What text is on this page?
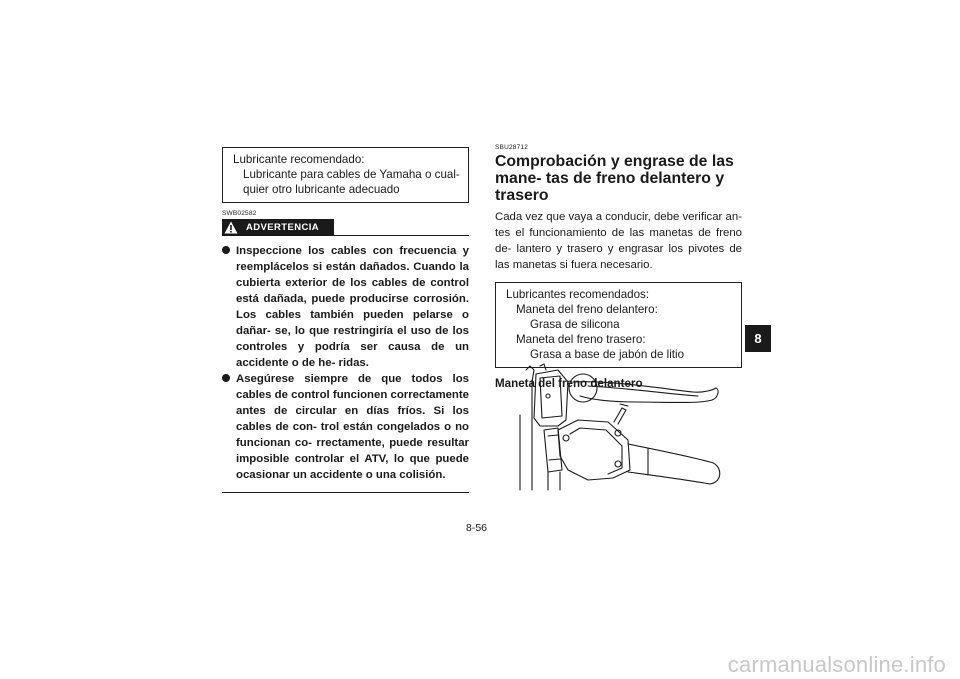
Lubricante recomendado:
Lubricante para cables de Yamaha o cual-
quier otro lubricante adecuado
SWB02582
ADVERTENCIA
Inspeccione los cables con frecuencia y reemplácelos si están dañados. Cuando la cubierta exterior de los cables de control está dañada, puede producirse corrosión. Los cables también pueden pelarse o dañar- se, lo que restringiría el uso de los controles y podría ser causa de un accidente o de he- ridas.
Asegúrese siempre de que todos los cables de control funcionen correctamente antes de circular en días fríos. Si los cables de con- trol están congelados o no funcionan co- rrectamente, puede resultar imposible controlar el ATV, lo que puede ocasionar un accidente o una colisión.
SBU28712
Comprobación y engrase de las mane- tas de freno delantero y trasero
Cada vez que vaya a conducir, debe verificar an- tes el funcionamiento de las manetas de freno de- lantero y trasero y engrasar los pivotes de las manetas si fuera necesario.
Lubricantes recomendados:
Maneta del freno delantero:
Grasa de silicona
Maneta del freno trasero:
Grasa a base de jabón de litio
Maneta del freno delantero
8
8-56
carmanualsonline.info
